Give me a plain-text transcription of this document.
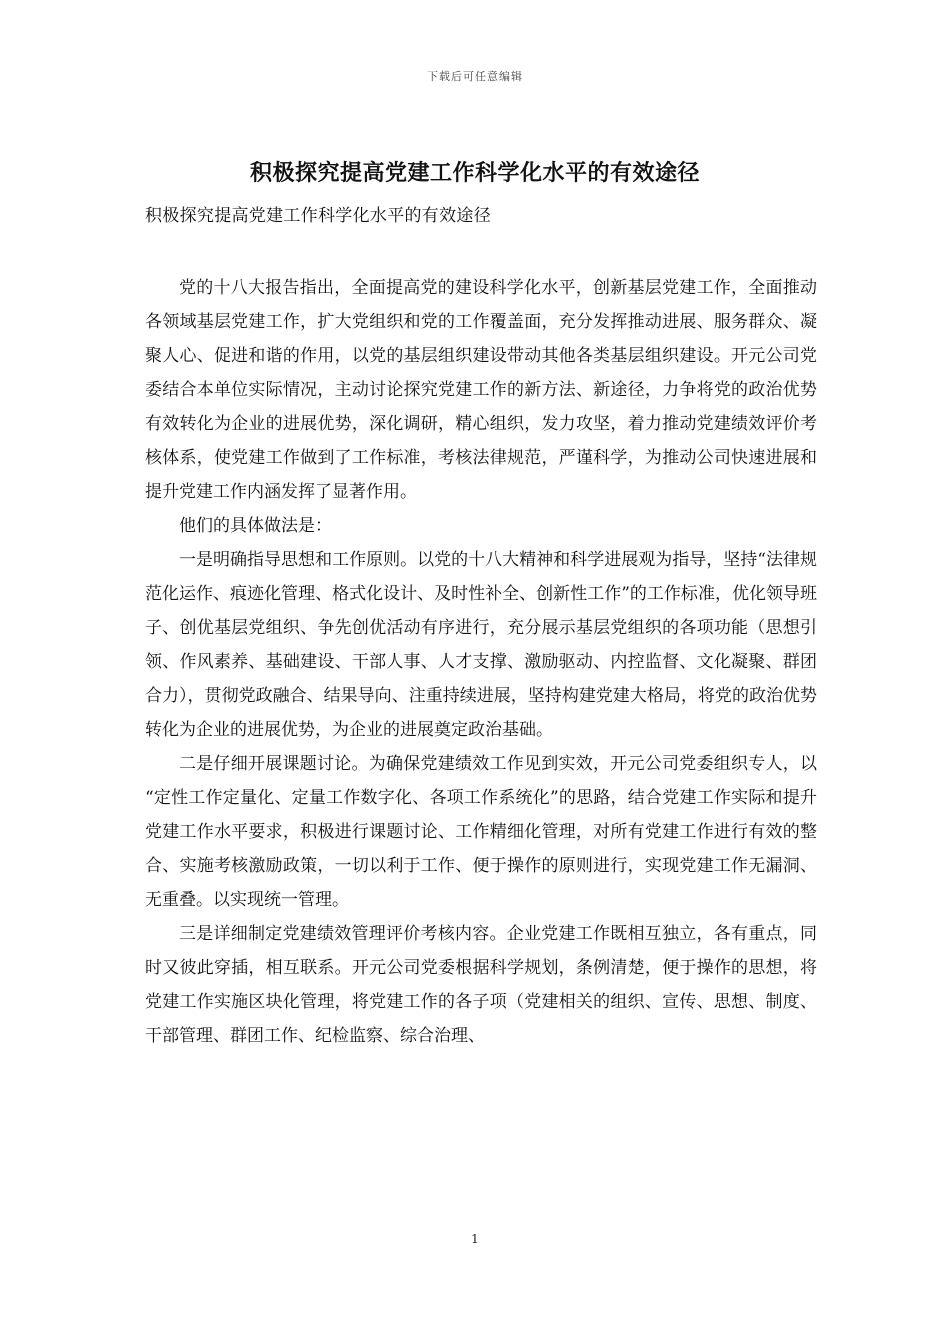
下载后可任意编辑
积极探究提高党建工作科学化水平的有效途径
积极探究提高党建工作科学化水平的有效途径

党的十八大报告指出，全面提高党的建设科学化水平，创新基层党建工作，全面推动各领域基层党建工作，扩大党组织和党的工作覆盖面，充分发挥推动进展、服务群众、凝聚人心、促进和谐的作用，以党的基层组织建设带动其他各类基层组织建设。开元公司党委结合本单位实际情况，主动讨论探究党建工作的新方法、新途径，力争将党的政治优势有效转化为企业的进展优势，深化调研，精心组织，发力攻坚，着力推动党建绩效评价考核体系，使党建工作做到了工作标准，考核法律规范，严谨科学，为推动公司快速进展和提升党建工作内涵发挥了显著作用。

他们的具体做法是：

一是明确指导思想和工作原则。以党的十八大精神和科学进展观为指导，坚持“法律规范化运作、痕迹化管理、格式化设计、及时性补全、创新性工作”的工作标准，优化领导班子、创优基层党组织、争先创优活动有序进行，充分展示基层党组织的各项功能（思想引领、作风素养、基础建设、干部人事、人才支撑、激励驱动、内控监督、文化凝聚、群团合力），贯彻党政融合、结果导向、注重持续进展，坚持构建党建大格局，将党的政治优势转化为企业的进展优势，为企业的进展奠定政治基础。

二是仔细开展课题讨论。为确保党建绩效工作见到实效，开元公司党委组织专人，以 “定性工作定量化、定量工作数字化、各项工作系统化”的思路，结合党建工作实际和提升党建工作水平要求，积极进行课题讨论、工作精细化管理，对所有党建工作进行有效的整合、实施考核激励政策，一切以利于工作、便于操作的原则进行，实现党建工作无漏洞、无重叠。以实现统一管理。

三是详细制定党建绩效管理评价考核内容。企业党建工作既相互独立，各有重点，同时又彼此穿插，相互联系。开元公司党委根据科学规划，条例清楚，便于操作的思想，将党建工作实施区块化管理，将党建工作的各子项（党建相关的组织、宣传、思想、制度、干部管理、群团工作、纪检监察、综合治理、

1
